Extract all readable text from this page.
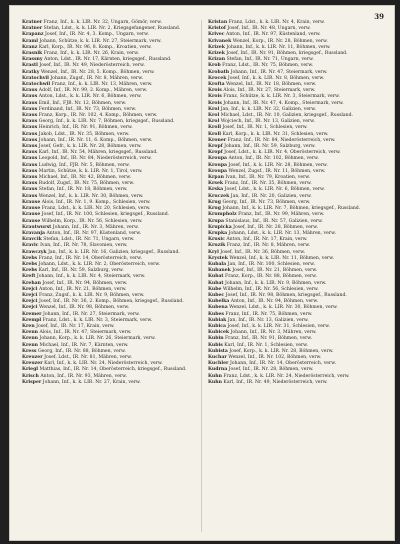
39

Kratner Franz, Inf., k. k. LIR. Nr. 32, Ungarn, Gömör, verw.

Kratner Stefan, Ldst., k. k. LIR. Nr. 2, Kriegsgefangener, Russland.

Krapanz Josef, Inf., IR. Nr. 4, 3. Komp., Ungarn, verw.

Kraml Johann, Schütze, k. k. LIR. Nr. 27, Steiermark, verw.

Kranz Karl, Korp., IR. Nr. 96, 8. Komp., Kroatien, verw.

Krasnik Franz, Inf., k. k. LIR. Nr. 26, Krain, verw.

Krassny Anton, Ldst., IR. Nr. 17, Kärnten, kriegsgef., Russland.

Krastl Josef, Inf., IR. Nr. 49, Niederösterreich, verw.

Kratky Wenzel, Inf., IR. Nr. 28, 5. Komp., Böhmen, verw.

Kratochvil Johann, Zugsf., IR. Nr. 8, Mähren, verw.

Kratochwil Franz, Inf., k. k. LIR. Nr. 13, Mähren, verw.

Kraus Adolf, Inf., IR. Nr. 99, 2. Komp., Mähren, verw.

Kraus Anton, Ldst., k. k. LIR. Nr. 6, Böhmen, verw.

Kraus Emil, Inf., FJB. Nr. 12, Böhmen, verw.

Kraus Ferdinand, Inf., IR. Nr. 73, Böhmen, verw.

Kraus Franz, Korp., IR. Nr. 102, 4. Komp., Böhmen, verw.

Kraus Georg, Inf., k. k. LIR. Nr. 7, Böhmen, kriegsgef., Russland.

Kraus Heinrich, Inf., IR. Nr. 91, Böhmen, verw.

Kraus Jakob, Ldst., IR. Nr. 35, Böhmen, verw.

Kraus Johann, Inf., IR. Nr. 11, 6. Komp., Böhmen, verw.

Kraus Josef, Gefr., k. k. LIR. Nr. 28, Böhmen, verw.

Kraus Karl, Inf., IR. Nr. 54, Mähren, kriegsgef., Russland.

Kraus Leopold, Inf., IR. Nr. 84, Niederösterreich, verw.

Kraus Ludwig, Inf., FJB. Nr. 5, Böhmen, verw.

Kraus Martin, Schütze, k. k. LIR. Nr. 1, Tirol, verw.

Kraus Michael, Inf., IR. Nr. 42, Böhmen, verw.

Kraus Rudolf, Zugsf., IR. Nr. 75, Böhmen, verw.

Kraus Stefan, Inf., IR. Nr. 18, Böhmen, verw.

Kraus Wenzel, Inf., k. k. LIR. Nr. 30, Böhmen, verw.

Krause Alois, Inf., IR. Nr. 1, 9. Komp., Schlesien, verw.

Krause Franz, Ldst., k. k. LIR. Nr. 20, Schlesien, verw.

Krause Josef, Inf., IR. Nr. 100, Schlesien, kriegsgef., Russland.

Krause Wilhelm, Korp., IR. Nr. 56, Schlesien, verw.

Krautwurst Johann, Inf., IR. Nr. 3, Mähren, verw.

Kravanja Anton, Inf., IR. Nr. 97, Küstenland, verw.

Kravcik Stefan, Ldst., IR. Nr. 71, Ungarn, verw.

Kravic Ivan, Inf., IR. Nr. 78, Slavonien, verw.

Krawczyk Jan, Inf., k. k. LIR. Nr. 16, Galizien, kriegsgef., Russland.

Krebs Franz, Inf., IR. Nr. 14, Oberösterreich, verw.

Krebs Johann, Ldst., k. k. LIR. Nr. 2, Oberösterreich, verw.

Krebs Karl, Inf., IR. Nr. 59, Salzburg, verw.

Kreft Johann, Inf., k. k. LIR. Nr. 4, Steiermark, verw.

Krehan Josef, Inf., IR. Nr. 94, Böhmen, verw.

Krejci Anton, Inf., IR. Nr. 21, Böhmen, verw.

Krejci Franz, Zugsf., k. k. LIR. Nr. 9, Böhmen, verw.

Krejci Josef, Inf., IR. Nr. 36, 2. Komp., Böhmen, kriegsgef., Russland.

Krejci Wenzel, Inf., IR. Nr. 98, Böhmen, verw.

Kremer Johann, Inf., IR. Nr. 27, Steiermark, verw.

Krempl Franz, Ldst., k. k. LIR. Nr. 3, Steiermark, verw.

Kren Josef, Inf., IR. Nr. 17, Krain, verw.

Krenn Alois, Inf., IR. Nr. 47, Steiermark, verw.

Krenn Johann, Korp., k. k. LIR. Nr. 26, Steiermark, verw.

Krenn Michael, Inf., IR. Nr. 7, Kärnten, verw.

Kress Georg, Inf., IR. Nr. 88, Böhmen, verw.

Kreuzer Josef, Ldst., IR. Nr. 81, Mähren, verw.

Kreuzer Karl, Inf., k. k. LIR. Nr. 24, Niederösterreich, verw.

Kriegl Matthias, Inf., IR. Nr. 14, Oberösterreich, kriegsgef., Russland.

Krisch Anton, Inf., IR. Nr. 93, Mähren, verw.

Krisper Johann, Inf., k. k. LIR. Nr. 27, Krain, verw.

Kristan Franz, Ldst., k. k. LIR. Nr. 4, Krain, verw.

Kristof Josef, Inf., IR. Nr. 48, Ungarn, verw.

Krivec Anton, Inf., IR. Nr. 97, Küstenland, verw.

Krivanek Wenzel, Korp., IR. Nr. 28, Böhmen, verw.

Krizek Johann, Inf., k. k. LIR. Nr. 11, Böhmen, verw.

Krizek Josef, Inf., IR. Nr. 91, Böhmen, kriegsgef., Russland.

Krizan Stefan, Inf., IR. Nr. 71, Ungarn, verw.

Krob Franz, Ldst., IR. Nr. 75, Böhmen, verw.

Krobath Johann, Inf., IR. Nr. 47, Steiermark, verw.

Krocek Josef, Inf., k. k. LIR. Nr. 8, Böhmen, verw.

Krofta Wenzel, Inf., IR. Nr. 18, Böhmen, verw.

Krois Alois, Inf., IR. Nr. 27, Steiermark, verw.

Krois Franz, Schütze, k. k. LIR. Nr. 3, Steiermark, verw.

Krois Johann, Inf., IR. Nr. 47, 4. Komp., Steiermark, verw.

Krol Jan, Inf., k. k. LIR. Nr. 32, Galizien, verw.

Krol Michael, Ldst., IR. Nr. 10, Galizien, kriegsgef., Russland.

Krol Wojciech, Inf., IR. Nr. 13, Galizien, verw.

Kroll Josef, Inf., IR. Nr. 1, Schlesien, verw.

Kroll Karl, Korp., k. k. LIR. Nr. 31, Schlesien, verw.

Kroner Franz, Inf., IR. Nr. 84, Niederösterreich, verw.

Kropf Johann, Inf., IR. Nr. 59, Salzburg, verw.

Kropf Josef, Ldst., k. k. LIR. Nr. 4, Oberösterreich, verw.

Kroupa Anton, Inf., IR. Nr. 102, Böhmen, verw.

Kroupa Josef, Inf., k. k. LIR. Nr. 28, Böhmen, verw.

Kroupa Wenzel, Zugsf., IR. Nr. 11, Böhmen, verw.

Krpan Ivan, Inf., IR. Nr. 79, Kroatien, verw.

Krsek Franz, Inf., IR. Nr. 35, Böhmen, verw.

Krska Josef, Ldst., k. k. LIR. Nr. 6, Böhmen, verw.

Kruczek Jan, Inf., IR. Nr. 20, Galizien, verw.

Krug Georg, Inf., IR. Nr. 73, Böhmen, verw.

Krug Johann, Inf., k. k. LIR. Nr. 7, Böhmen, kriegsgef., Russland.

Krumpholz Franz, Inf., IR. Nr. 99, Mähren, verw.

Krupa Stanislaus, Inf., IR. Nr. 57, Galizien, verw.

Krupicka Josef, Inf., IR. Nr. 28, Böhmen, verw.

Krupka Johann, Ldst., k. k. LIR. Nr. 13, Mähren, verw.

Krusic Anton, Inf., IR. Nr. 17, Krain, verw.

Kruzik Franz, Inf., IR. Nr. 8, Mähren, verw.

Kryl Josef, Inf., IR. Nr. 36, Böhmen, verw.

Krystek Wenzel, Inf., k. k. LIR. Nr. 11, Böhmen, verw.

Kubala Jan, Inf., IR. Nr. 100, Schlesien, verw.

Kubanek Josef, Inf., IR. Nr. 21, Böhmen, verw.

Kubat Franz, Korp., IR. Nr. 88, Böhmen, verw.

Kubat Johann, Inf., k. k. LIR. Nr. 9, Böhmen, verw.

Kube Wilhelm, Inf., IR. Nr. 56, Schlesien, verw.

Kubec Josef, Inf., IR. Nr. 98, Böhmen, kriegsgef., Russland.

Kubelka Anton, Inf., IR. Nr. 94, Böhmen, verw.

Kubena Wenzel, Ldst., k. k. LIR. Nr. 30, Böhmen, verw.

Kubes Franz, Inf., IR. Nr. 75, Böhmen, verw.

Kubiak Jan, Inf., IR. Nr. 13, Galizien, verw.

Kubica Josef, Inf., k. k. LIR. Nr. 31, Schlesien, verw.

Kubicek Johann, Inf., IR. Nr. 3, Mähren, verw.

Kubin Franz, Inf., IR. Nr. 91, Böhmen, verw.

Kubis Karl, Inf., IR. Nr. 1, Schlesien, verw.

Kubista Josef, Korp., k. k. LIR. Nr. 28, Böhmen, verw.

Kuchar Wenzel, Inf., IR. Nr. 102, Böhmen, verw.

Kuchler Johann, Inf., IR. Nr. 14, Oberösterreich, verw.

Kudrna Josef, Inf., IR. Nr. 28, Böhmen, verw.

Kuhn Franz, Ldst., k. k. LIR. Nr. 24, Niederösterreich, verw.

Kuhn Karl, Inf., IR. Nr. 49, Niederösterreich, verw.
